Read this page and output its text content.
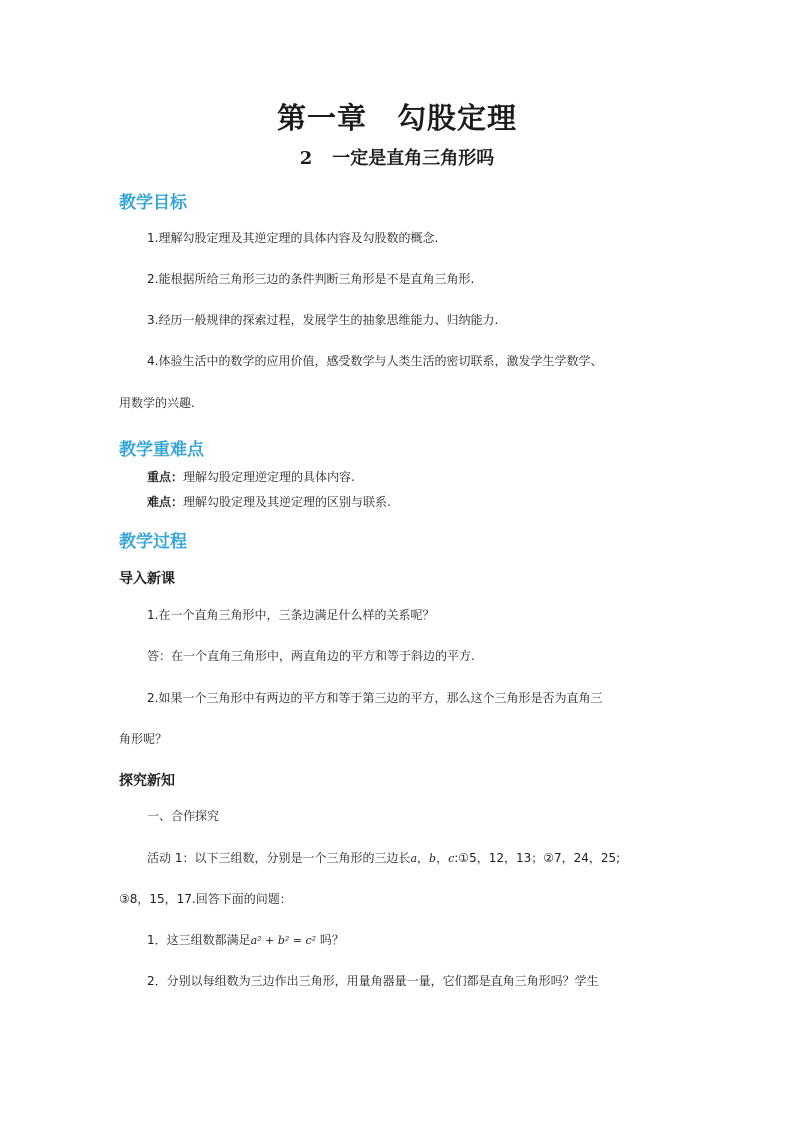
第一章 勾股定理
2 一定是直角三角形吗
教学目标
1.理解勾股定理及其逆定理的具体内容及勾股数的概念.
2.能根据所给三角形三边的条件判断三角形是不是直角三角形.
3.经历一般规律的探索过程，发展学生的抽象思维能力、归纳能力.
4.体验生活中的数学的应用价值，感受数学与人类生活的密切联系，激发学生学数学、
用数学的兴趣.
教学重难点
重点：理解勾股定理逆定理的具体内容.
难点：理解勾股定理及其逆定理的区别与联系.
教学过程
导入新课
1.在一个直角三角形中，三条边满足什么样的关系呢？
答：在一个直角三角形中，两直角边的平方和等于斜边的平方.
2.如果一个三角形中有两边的平方和等于第三边的平方，那么这个三角形是否为直角三
角形呢？
探究新知
一、合作探究
活动 1：以下三组数，分别是一个三角形的三边长a，b，c:①5，12，13；②7，24，25;
③8，15，17.回答下面的问题：
1．这三组数都满足a² + b² = c² 吗？
2．分别以每组数为三边作出三角形，用量角器量一量，它们都是直角三角形吗？学生
